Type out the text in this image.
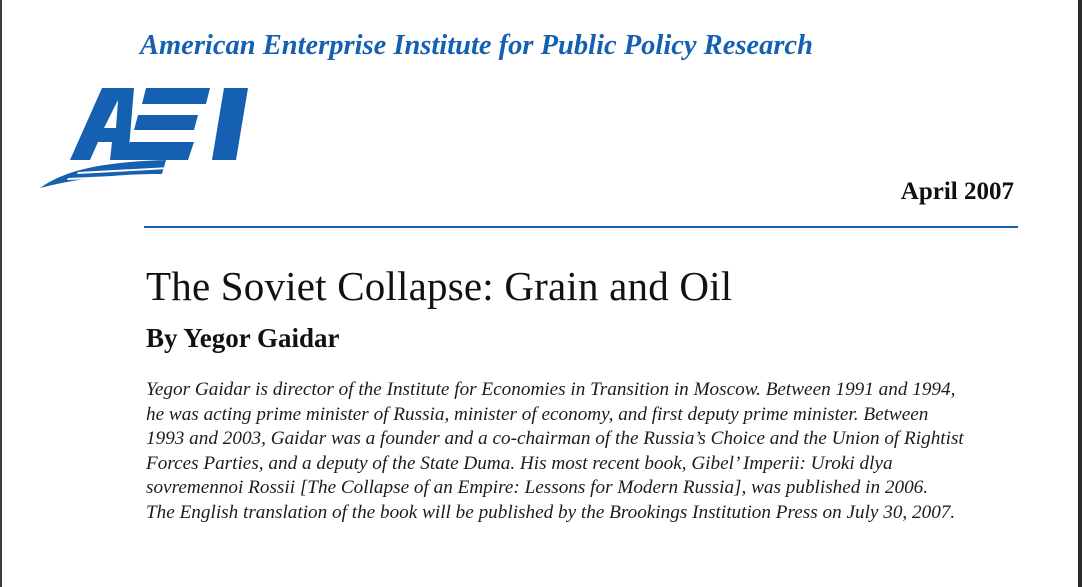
American Enterprise Institute for Public Policy Research
April 2007
The Soviet Collapse: Grain and Oil
By Yegor Gaidar
Yegor Gaidar is director of the Institute for Economies in Transition in Moscow. Between 1991 and 1994,
he was acting prime minister of Russia, minister of economy, and first deputy prime minister. Between
1993 and 2003, Gaidar was a founder and a co-chairman of the Russia’s Choice and the Union of Rightist
Forces Parties, and a deputy of the State Duma. His most recent book, Gibel’ Imperii: Uroki dlya
sovremennoi Rossii [The Collapse of an Empire: Lessons for Modern Russia], was published in 2006.
The English translation of the book will be published by the Brookings Institution Press on July 30, 2007.
